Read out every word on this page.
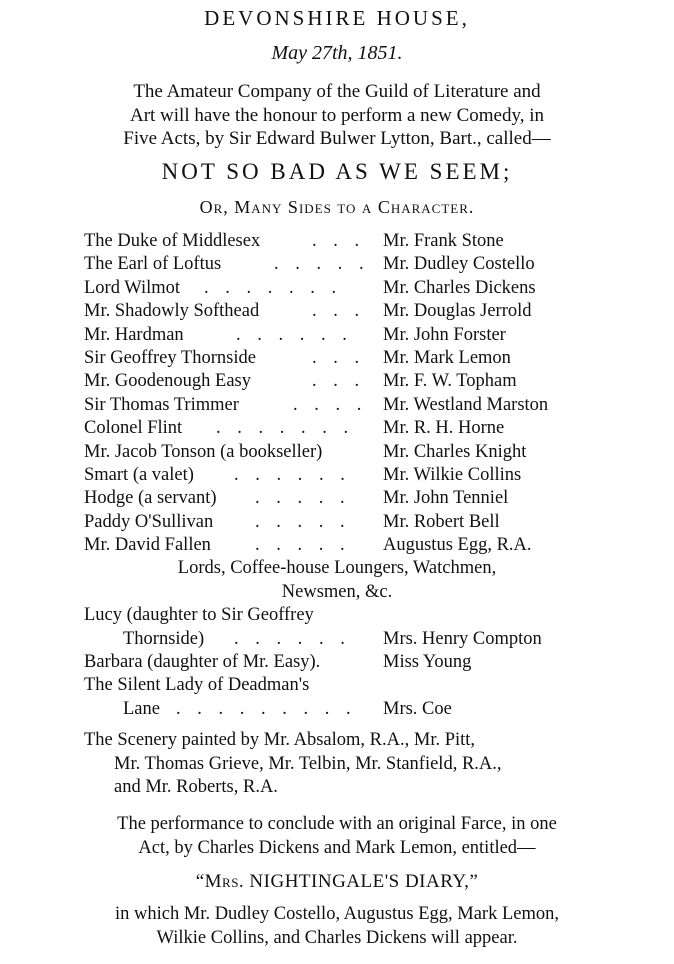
DEVONSHIRE HOUSE,
May 27th, 1851.
The Amateur Company of the Guild of Literature and
Art will have the honour to perform a new Comedy, in
Five Acts, by Sir Edward Bulwer Lytton, Bart., called—
NOT SO BAD AS WE SEEM;
Or, Many Sides to a Character.
The Duke of Middlesex	. . . Mr. Frank Stone
The Earl of Loftus	. . . . . Mr. Dudley Costello
Lord Wilmot . . . . . . . Mr. Charles Dickens
Mr. Shadowly Softhead	. . . Mr. Douglas Jerrold
Mr. Hardman	. . . . . . Mr. John Forster
Sir Geoffrey Thornside	. . . Mr. Mark Lemon
Mr. Goodenough Easy	. . . Mr. F. W. Topham
Sir Thomas Trimmer	. . . . Mr. Westland Marston
Colonel Flint . . . . . . . Mr. R. H. Horne
Mr. Jacob Tonson (a bookseller)	Mr. Charles Knight
Smart (a valet) . . . . . . Mr. Wilkie Collins
Hodge (a servant) . . . . . Mr. John Tenniel
Paddy O'Sullivan . . . . . Mr. Robert Bell
Mr. David Fallen . . . . . Augustus Egg, R.A.
Lords, Coffee-house Loungers, Watchmen,
Newsmen, &c.
Lucy (daughter to Sir Geoffrey
Thornside) . . . . . . Mrs. Henry Compton
Barbara (daughter of Mr. Easy).	Miss Young
The Silent Lady of Deadman's
Lane . . . . . . . . . Mrs. Coe
The Scenery painted by Mr. Absalom, R.A., Mr. Pitt,
Mr. Thomas Grieve, Mr. Telbin, Mr. Stanfield, R.A.,
and Mr. Roberts, R.A.
The performance to conclude with an original Farce, in one
Act, by Charles Dickens and Mark Lemon, entitled—
“Mrs. NIGHTINGALE'S DIARY,”
in which Mr. Dudley Costello, Augustus Egg, Mark Lemon,
Wilkie Collins, and Charles Dickens will appear.
